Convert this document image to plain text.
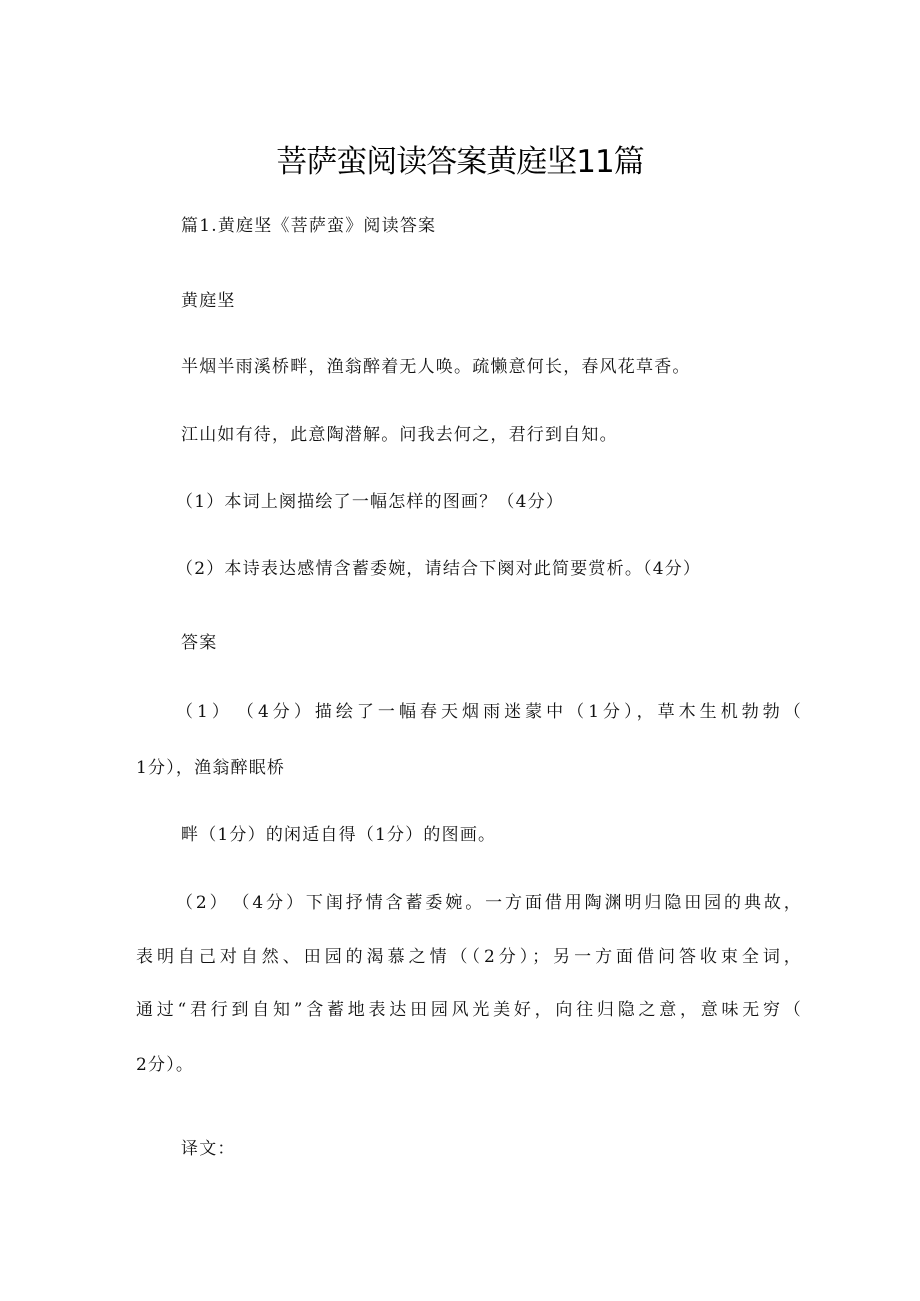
菩萨蛮阅读答案黄庭坚11篇

篇1.黄庭坚《菩萨蛮》阅读答案

黄庭坚

半烟半雨溪桥畔，渔翁醉着无人唤。疏懒意何长，春风花草香。

江山如有待，此意陶潜解。问我去何之，君行到自知。

（1）本词上阕描绘了一幅怎样的图画？（4分）

（2）本诗表达感情含蓄委婉，请结合下阕对此简要赏析。（4分）

答案

（1）　（4分）描绘了一幅春天烟雨迷蒙中（1分），草木生机勃勃（

1分），渔翁醉眠桥

畔（1分）的闲适自得（1分）的图画。

（2）　（4分）下闺抒情含蓄委婉。一方面借用陶渊明归隐田园的典故，

表明自己对自然、田园的渴慕之情（（2分）；另一方面借问答收束全词，

通过“君行到自知”含蓄地表达田园风光美好，向往归隐之意，意味无穷（

2分）。

译文：
